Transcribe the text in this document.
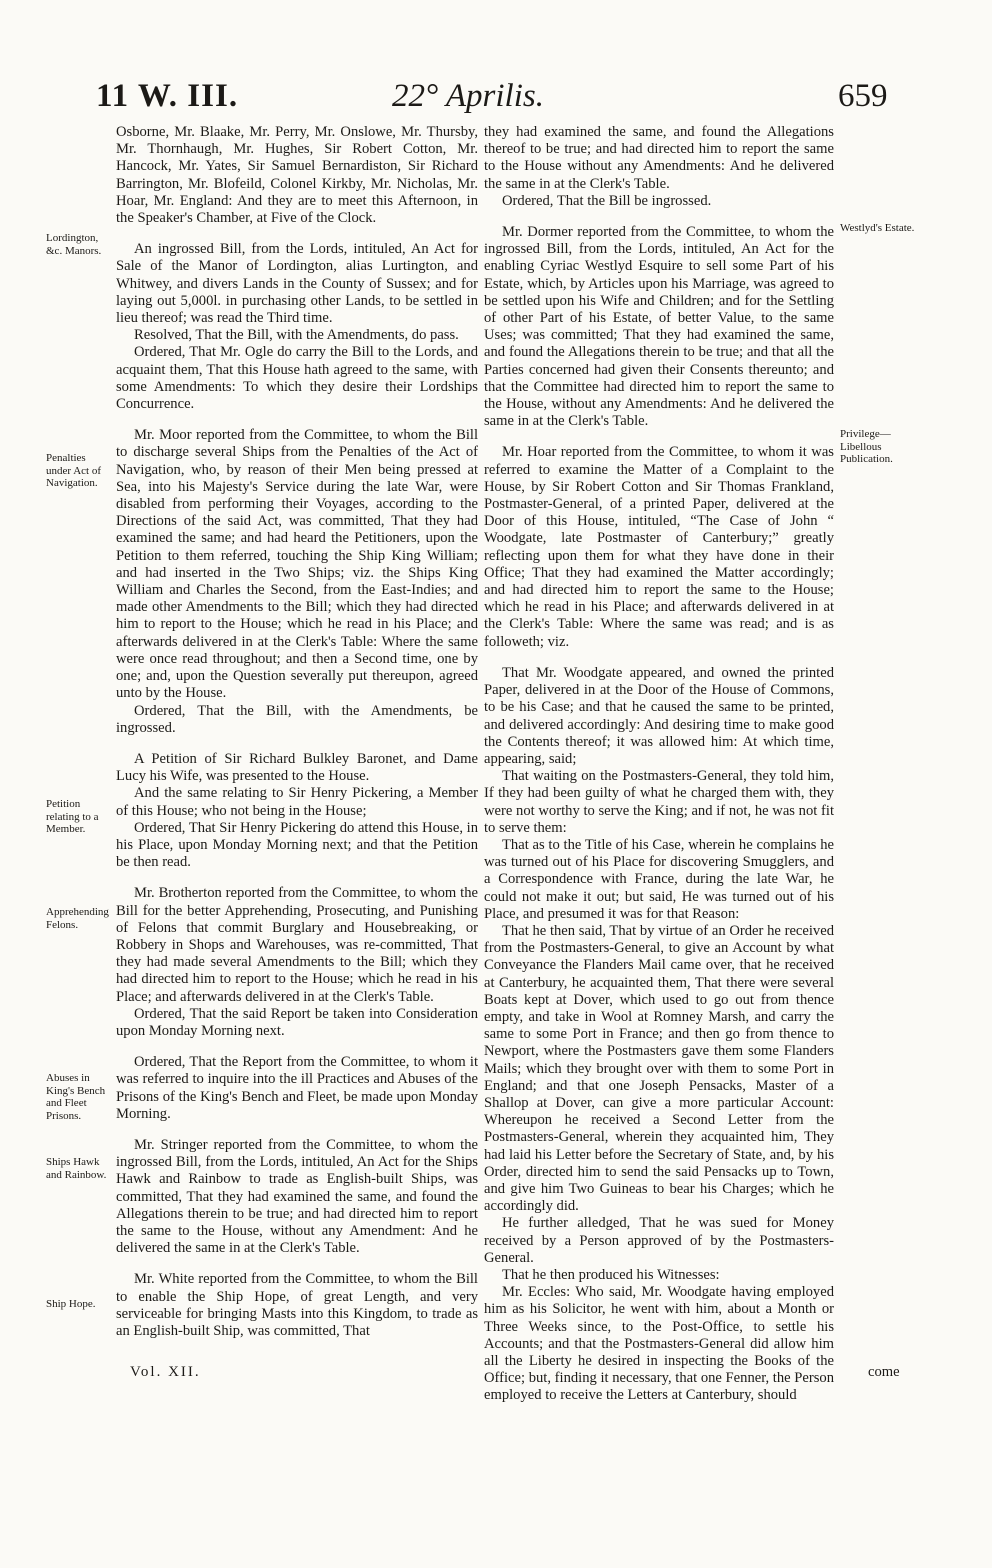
11 W. III.	22° Aprilis.	659

Osborne, Mr. Blaake, Mr. Perry, Mr. Onslowe, Mr. Thursby, Mr. Thornhaugh, Mr. Hughes, Sir Robert Cotton, Mr. Hancock, Mr. Yates, Sir Samuel Bernardiston, Sir Richard Barrington, Mr. Blofeild, Colonel Kirkby, Mr. Nicholas, Mr. Hoar, Mr. England: And they are to meet this Afternoon, in the Speaker's Chamber, at Five of the Clock.

An ingrossed Bill, from the Lords, intituled, An Act for Sale of the Manor of Lordington, alias Lurtington, and Whitwey, and divers Lands in the County of Sussex; and for laying out 5,000l. in purchasing other Lands, to be settled in lieu thereof; was read the Third time.

Resolved, That the Bill, with the Amendments, do pass.

Ordered, That Mr. Ogle do carry the Bill to the Lords, and acquaint them, That this House hath agreed to the same, with some Amendments: To which they desire their Lordships Concurrence.

Mr. Moor reported from the Committee, to whom the Bill to discharge several Ships from the Penalties of the Act of Navigation, who, by reason of their Men being pressed at Sea, into his Majesty's Service during the late War, were disabled from performing their Voyages, according to the Directions of the said Act, was committed, That they had examined the same; and had heard the Petitioners, upon the Petition to them referred, touching the Ship King William; and had inserted in the Two Ships; viz. the Ships King William and Charles the Second, from the East-Indies; and made other Amendments to the Bill; which they had directed him to report to the House; which he read in his Place; and afterwards delivered in at the Clerk's Table: Where the same were once read throughout; and then a Second time, one by one; and, upon the Question severally put thereupon, agreed unto by the House.

Ordered, That the Bill, with the Amendments, be ingrossed.

A Petition of Sir Richard Bulkley Baronet, and Dame Lucy his Wife, was presented to the House.

And the same relating to Sir Henry Pickering, a Member of this House; who not being in the House;

Ordered, That Sir Henry Pickering do attend this House, in his Place, upon Monday Morning next; and that the Petition be then read.

Mr. Brotherton reported from the Committee, to whom the Bill for the better Apprehending, Prosecuting, and Punishing of Felons that commit Burglary and Housebreaking, or Robbery in Shops and Warehouses, was re-committed, That they had made several Amendments to the Bill; which they had directed him to report to the House; which he read in his Place; and afterwards delivered in at the Clerk's Table.

Ordered, That the said Report be taken into Consideration upon Monday Morning next.

Ordered, That the Report from the Committee, to whom it was referred to inquire into the ill Practices and Abuses of the Prisons of the King's Bench and Fleet, be made upon Monday Morning.

Mr. Stringer reported from the Committee, to whom the ingrossed Bill, from the Lords, intituled, An Act for the Ships Hawk and Rainbow to trade as English-built Ships, was committed, That they had examined the same, and found the Allegations therein to be true; and had directed him to report the same to the House, without any Amendment: And he delivered the same in at the Clerk's Table.

Mr. White reported from the Committee, to whom the Bill to enable the Ship Hope, of great Length, and very serviceable for bringing Masts into this Kingdom, to trade as an English-built Ship, was committed, That

they had examined the same, and found the Allegations thereof to be true; and had directed him to report the same to the House without any Amendments: And he delivered the same in at the Clerk's Table.

Ordered, That the Bill be ingrossed.

Mr. Dormer reported from the Committee, to whom the ingrossed Bill, from the Lords, intituled, An Act for the enabling Cyriac Westlyd Esquire to sell some Part of his Estate, which, by Articles upon his Marriage, was agreed to be settled upon his Wife and Children; and for the Settling of other Part of his Estate, of better Value, to the same Uses; was committed; That they had examined the same, and found the Allegations therein to be true; and that all the Parties concerned had given their Consents thereunto; and that the Committee had directed him to report the same to the House, without any Amendments: And he delivered the same in at the Clerk's Table.

Mr. Hoar reported from the Committee, to whom it was referred to examine the Matter of a Complaint to the House, by Sir Robert Cotton and Sir Thomas Frankland, Postmaster-General, of a printed Paper, delivered at the Door of this House, intituled, “The Case of John “ Woodgate, late Postmaster of Canterbury;” greatly reflecting upon them for what they have done in their Office; That they had examined the Matter accordingly; and had directed him to report the same to the House; which he read in his Place; and afterwards delivered in at the Clerk's Table: Where the same was read; and is as followeth; viz.

That Mr. Woodgate appeared, and owned the printed Paper, delivered in at the Door of the House of Commons, to be his Case; and that he caused the same to be printed, and delivered accordingly: And desiring time to make good the Contents thereof; it was allowed him: At which time, appearing, said;

That waiting on the Postmasters-General, they told him, If they had been guilty of what he charged them with, they were not worthy to serve the King; and if not, he was not fit to serve them:

That as to the Title of his Case, wherein he complains he was turned out of his Place for discovering Smugglers, and a Correspondence with France, during the late War, he could not make it out; but said, He was turned out of his Place, and presumed it was for that Reason:

That he then said, That by virtue of an Order he received from the Postmasters-General, to give an Account by what Conveyance the Flanders Mail came over, that he received at Canterbury, he acquainted them, That there were several Boats kept at Dover, which used to go out from thence empty, and take in Wool at Romney Marsh, and carry the same to some Port in France; and then go from thence to Newport, where the Postmasters gave them some Flanders Mails; which they brought over with them to some Port in England; and that one Joseph Pensacks, Master of a Shallop at Dover, can give a more particular Account: Whereupon he received a Second Letter from the Postmasters-General, wherein they acquainted him, They had laid his Letter before the Secretary of State, and, by his Order, directed him to send the said Pensacks up to Town, and give him Two Guineas to bear his Charges; which he accordingly did.

He further alledged, That he was sued for Money received by a Person approved of by the Postmasters-General.

That he then produced his Witnesses:

Mr. Eccles: Who said, Mr. Woodgate having employed him as his Solicitor, he went with him, about a Month or Three Weeks since, to the Post-Office, to settle his Accounts; and that the Postmasters-General did allow him all the Liberty he desired in inspecting the Books of the Office; but, finding it necessary, that one Fenner, the Person employed to receive the Letters at Canterbury, should

Lordington, &c. Manors.
Penalties under Act of Navigation.
Petition relating to a Member.
Apprehending Felons.
Abuses in King's Bench and Fleet Prisons.
Ships Hawk and Rainbow.
Ship Hope.
Westlyd's Estate.
Privilege—Libellous Publication.
Vol. XII.	come
